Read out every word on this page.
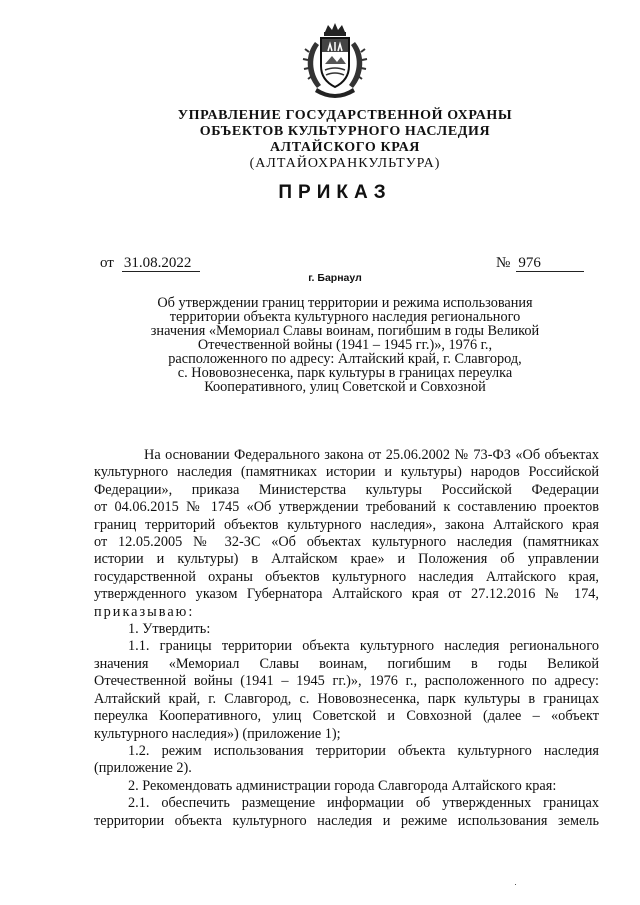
УПРАВЛЕНИЕ ГОСУДАРСТВЕННОЙ ОХРАНЫ
ОБЪЕКТОВ КУЛЬТУРНОГО НАСЛЕДИЯ
АЛТАЙСКОГО КРАЯ
(АЛТАЙОХРАНКУЛЬТУРА)
ПРИКАЗ
от 31.08.2022	№ 976
г. Барнаул
Об утверждении границ территории и режима использования
территории объекта культурного наследия регионального
значения «Мемориал Славы воинам, погибшим в годы Великой
Отечественной войны (1941 – 1945 гг.)», 1976 г.,
расположенного по адресу: Алтайский край, г. Славгород,
с. Нововознесенка, парк культуры в границах переулка
Кооперативного, улиц Советской и Совхозной

На основании Федерального закона от 25.06.2002 № 73-ФЗ «Об объектах

культурного наследия (памятниках истории и культуры) народов Российской

Федерации», приказа Министерства культуры Российской Федерации

от 04.06.2015 № 1745 «Об утверждении требований к составлению проектов

границ территорий объектов культурного наследия», закона Алтайского края

от 12.05.2005 № 32-ЗС «Об объектах культурного наследия (памятниках

истории и культуры) в Алтайском крае» и Положения об управлении

государственной охраны объектов культурного наследия Алтайского края,

утвержденного указом Губернатора Алтайского края от 27.12.2016 № 174,

приказываю:

1. Утвердить:

1.1. границы территории объекта культурного наследия регионального

значения «Мемориал Славы воинам, погибшим в годы Великой

Отечественной войны (1941 – 1945 гг.)», 1976 г., расположенного по адресу:

Алтайский край, г. Славгород, с. Нововознесенка, парк культуры в границах

переулка Кооперативного, улиц Советской и Совхозной (далее – «объект

культурного наследия») (приложение 1);

1.2. режим использования территории объекта культурного наследия

(приложение 2).

2. Рекомендовать администрации города Славгорода Алтайского края:

2.1. обеспечить размещение информации об утвержденных границах

территории объекта культурного наследия и режиме использования земель
